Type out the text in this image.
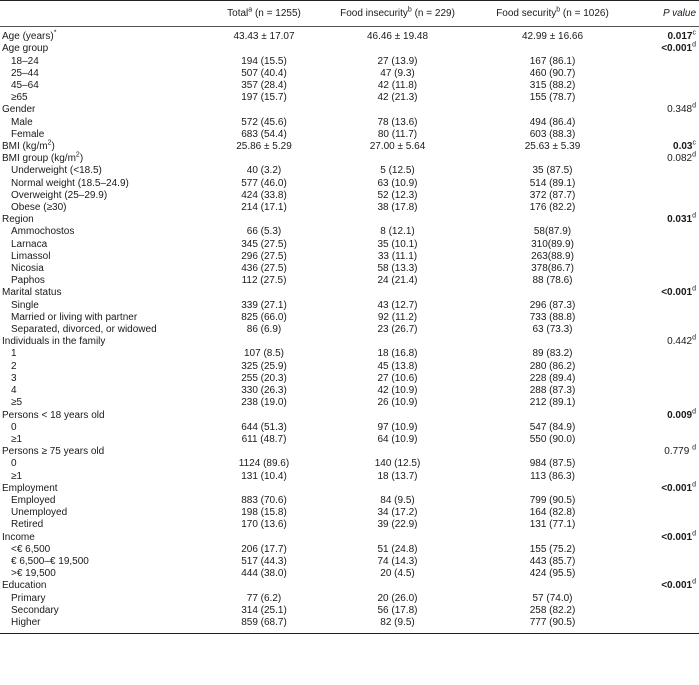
	Total$^a$ (n = 1255)	Food insecurity$^b$ (n = 229)	Food security$^b$ (n = 1026)	P value
Age (years)*	43.43 ± 17.07	46.46 ± 19.48	42.99 ± 16.66	0.017$^c$
Age group				<0.001$^d$
18–24	194 (15.5)	27 (13.9)	167 (86.1)	
25–44	507 (40.4)	47 (9.3)	460 (90.7)	
45–64	357 (28.4)	42 (11.8)	315 (88.2)	
≥65	197 (15.7)	42 (21.3)	155 (78.7)	
Gender				0.348$^d$
Male	572 (45.6)	78 (13.6)	494 (86.4)	
Female	683 (54.4)	80 (11.7)	603 (88.3)	
BMI $(kg/m^2)$	25.86 ± 5.29	27.00 ± 5.64	25.63 ± 5.39	0.03$^c$
BMI group $(kg/m^2)$				0.082$^d$
Underweight (<18.5)	40 (3.2)	5 (12.5)	35 (87.5)	
Normal weight (18.5–24.9)	577 (46.0)	63 (10.9)	514 (89.1)	
Overweight (25–29.9)	424 (33.8)	52 (12.3)	372 (87.7)	
Obese (≥30)	214 (17.1)	38 (17.8)	176 (82.2)	
Region				0.031$^d$
Ammochostos	66 (5.3)	8 (12.1)	58(87.9)	
Larnaca	345 (27.5)	35 (10.1)	310(89.9)	
Limassol	296 (27.5)	33 (11.1)	263(88.9)	
Nicosia	436 (27.5)	58 (13.3)	378(86.7)	
Paphos	112 (27.5)	24 (21.4)	88 (78.6)	
Marital status				<0.001$^d$
Single	339 (27.1)	43 (12.7)	296 (87.3)	
Married or living with partner	825 (66.0)	92 (11.2)	733 (88.8)	
Separated, divorced, or widowed	86 (6.9)	23 (26.7)	63 (73.3)	
Individuals in the family				0.442$^d$
1	107 (8.5)	18 (16.8)	89 (83.2)	
2	325 (25.9)	45 (13.8)	280 (86.2)	
3	255 (20.3)	27 (10.6)	228 (89.4)	
4	330 (26.3)	42 (10.9)	288 (87.3)	
≥5	238 (19.0)	26 (10.9)	212 (89.1)	
Persons < 18 years old				0.009$^d$
0	644 (51.3)	97 (10.9)	547 (84.9)	
≥1	611 (48.7)	64 (10.9)	550 (90.0)	
Persons ≥ 75 years old				0.779 $^d$
0	1124 (89.6)	140 (12.5)	984 (87.5)	
≥1	131 (10.4)	18 (13.7)	113 (86.3)	
Employment				<0.001$^d$
Employed	883 (70.6)	84 (9.5)	799 (90.5)	
Unemployed	198 (15.8)	34 (17.2)	164 (82.8)	
Retired	170 (13.6)	39 (22.9)	131 (77.1)	
Income				<0.001$^d$
<€ 6,500	206 (17.7)	51 (24.8)	155 (75.2)	
€ 6,500–€ 19,500	517 (44.3)	74 (14.3)	443 (85.7)	
>€ 19,500	444 (38.0)	20 (4.5)	424 (95.5)	
Education				<0.001$^d$
Primary	77 (6.2)	20 (26.0)	57 (74.0)	
Secondary	314 (25.1)	56 (17.8)	258 (82.2)	
Higher	859 (68.7)	82 (9.5)	777 (90.5)	
